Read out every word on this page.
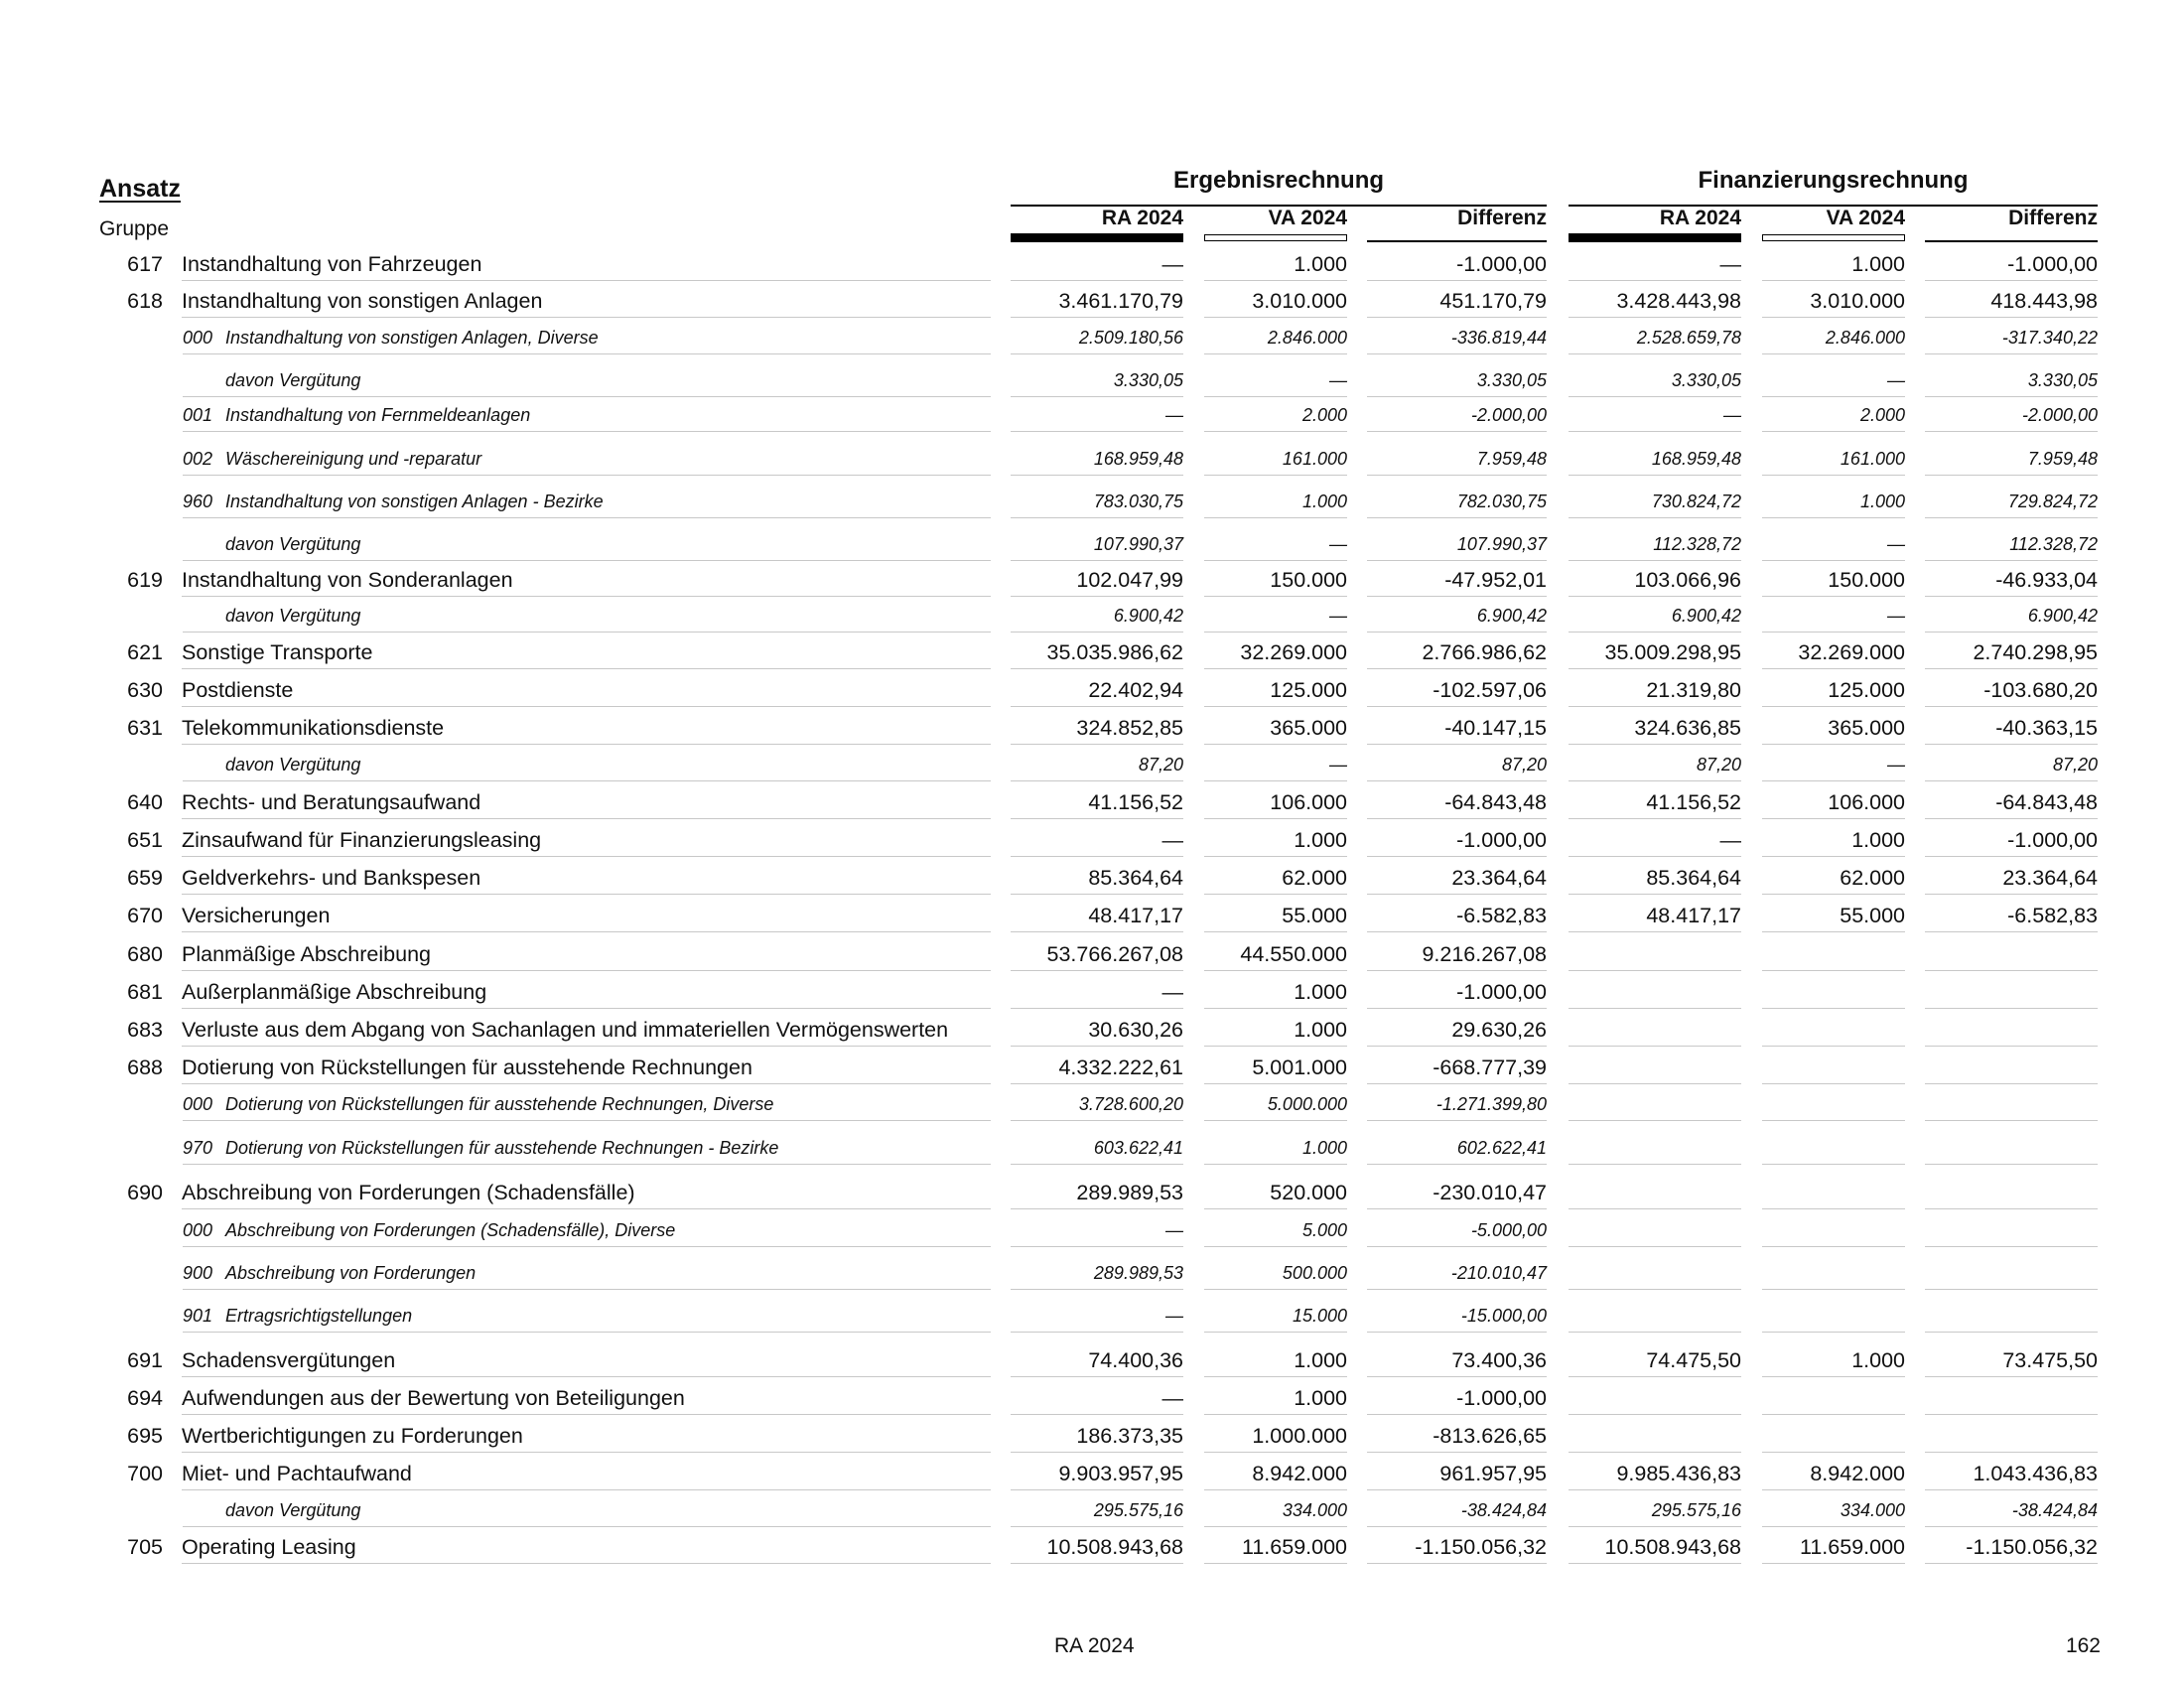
Ansatz
Gruppe
Ergebnisrechnung	Finanzierungsrechnung
RA 2024	VA 2024	Differenz	RA 2024	VA 2024	Differenz
617 Instandhaltung von Fahrzeugen	—	1.000	-1.000,00	—	1.000	-1.000,00
618 Instandhaltung von sonstigen Anlagen	3.461.170,79	3.010.000	451.170,79	3.428.443,98	3.010.000	418.443,98
000 Instandhaltung von sonstigen Anlagen, Diverse	2.509.180,56	2.846.000	-336.819,44	2.528.659,78	2.846.000	-317.340,22
davon Vergütung	3.330,05	—	3.330,05	3.330,05	—	3.330,05
001 Instandhaltung von Fernmeldeanlagen	—	2.000	-2.000,00	—	2.000	-2.000,00
002 Wäschereinigung und -reparatur	168.959,48	161.000	7.959,48	168.959,48	161.000	7.959,48
960 Instandhaltung von sonstigen Anlagen - Bezirke	783.030,75	1.000	782.030,75	730.824,72	1.000	729.824,72
davon Vergütung	107.990,37	—	107.990,37	112.328,72	—	112.328,72
619 Instandhaltung von Sonderanlagen	102.047,99	150.000	-47.952,01	103.066,96	150.000	-46.933,04
davon Vergütung	6.900,42	—	6.900,42	6.900,42	—	6.900,42
621 Sonstige Transporte	35.035.986,62	32.269.000	2.766.986,62	35.009.298,95	32.269.000	2.740.298,95
630 Postdienste	22.402,94	125.000	-102.597,06	21.319,80	125.000	-103.680,20
631 Telekommunikationsdienste	324.852,85	365.000	-40.147,15	324.636,85	365.000	-40.363,15
davon Vergütung	87,20	—	87,20	87,20	—	87,20
640 Rechts- und Beratungsaufwand	41.156,52	106.000	-64.843,48	41.156,52	106.000	-64.843,48
651 Zinsaufwand für Finanzierungsleasing	—	1.000	-1.000,00	—	1.000	-1.000,00
659 Geldverkehrs- und Bankspesen	85.364,64	62.000	23.364,64	85.364,64	62.000	23.364,64
670 Versicherungen	48.417,17	55.000	-6.582,83	48.417,17	55.000	-6.582,83
680 Planmäßige Abschreibung	53.766.267,08	44.550.000	9.216.267,08
681 Außerplanmäßige Abschreibung	—	1.000	-1.000,00
683 Verluste aus dem Abgang von Sachanlagen und immateriellen Vermögenswerten	30.630,26	1.000	29.630,26
688 Dotierung von Rückstellungen für ausstehende Rechnungen	4.332.222,61	5.001.000	-668.777,39
000 Dotierung von Rückstellungen für ausstehende Rechnungen, Diverse	3.728.600,20	5.000.000	-1.271.399,80
970 Dotierung von Rückstellungen für ausstehende Rechnungen - Bezirke	603.622,41	1.000	602.622,41
690 Abschreibung von Forderungen (Schadensfälle)	289.989,53	520.000	-230.010,47
000 Abschreibung von Forderungen (Schadensfälle), Diverse	—	5.000	-5.000,00
900 Abschreibung von Forderungen	289.989,53	500.000	-210.010,47
901 Ertragsrichtigstellungen	—	15.000	-15.000,00
691 Schadensvergütungen	74.400,36	1.000	73.400,36	74.475,50	1.000	73.475,50
694 Aufwendungen aus der Bewertung von Beteiligungen	—	1.000	-1.000,00
695 Wertberichtigungen zu Forderungen	186.373,35	1.000.000	-813.626,65
700 Miet- und Pachtaufwand	9.903.957,95	8.942.000	961.957,95	9.985.436,83	8.942.000	1.043.436,83
davon Vergütung	295.575,16	334.000	-38.424,84	295.575,16	334.000	-38.424,84
705 Operating Leasing	10.508.943,68	11.659.000	-1.150.056,32	10.508.943,68	11.659.000	-1.150.056,32
RA 2024	162
